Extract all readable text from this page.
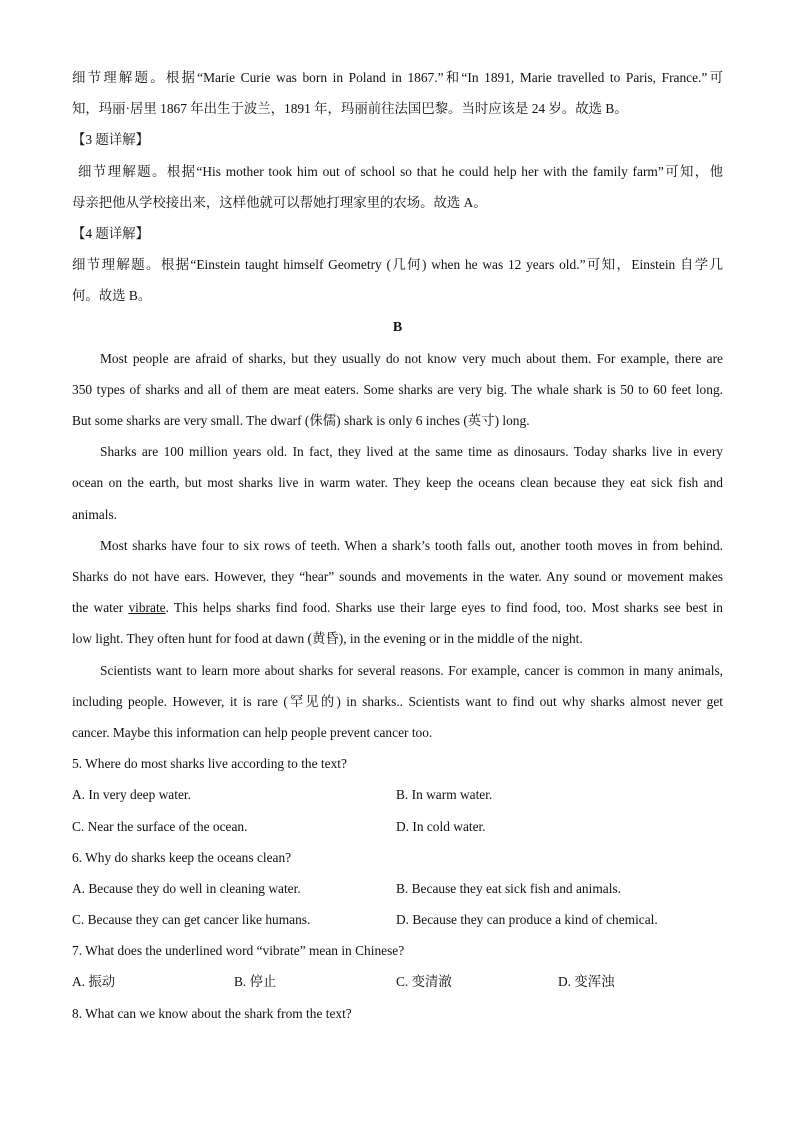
细节理解题。根据“Marie Curie was born in Poland in 1867.”和“In 1891, Marie travelled to Paris, France.”可
知，玛丽·居里 1867 年出生于波兰，1891 年，玛丽前往法国巴黎。当时应该是 24 岁。故选 B。
【3 题详解】
细节理解题。根据“His mother took him out of school so that he could help her with the family farm”可知，他
母亲把他从学校接出来，这样他就可以帮她打理家里的农场。故选 A。
【4 题详解】
细节理解题。根据“Einstein taught himself Geometry (几何) when he was 12 years old.”可知，Einstein 自学几
何。故选 B。
B
Most people are afraid of sharks, but they usually do not know very much about them. For example, there are
350 types of sharks and all of them are meat eaters. Some sharks are very big. The whale shark is 50 to 60 feet long.
But some sharks are very small. The dwarf (侏儒) shark is only 6 inches (英寸) long.
Sharks are 100 million years old. In fact, they lived at the same time as dinosaurs. Today sharks live in every
ocean on the earth, but most sharks live in warm water. They keep the oceans clean because they eat sick fish and
animals.
Most sharks have four to six rows of teeth. When a shark’s tooth falls out, another tooth moves in from behind.
Sharks do not have ears. However, they “hear” sounds and movements in the water. Any sound or movement makes
the water vibrate. This helps sharks find food. Sharks use their large eyes to find food, too. Most sharks see best in
low light. They often hunt for food at dawn (黄昏), in the evening or in the middle of the night.
Scientists want to learn more about sharks for several reasons. For example, cancer is common in many animals,
including people. However, it is rare (罕见的) in sharks.. Scientists want to find out why sharks almost never get
cancer. Maybe this information can help people prevent cancer too.
5. Where do most sharks live according to the text?
A. In very deep water.	B. In warm water.
C. Near the surface of the ocean.	D. In cold water.
6. Why do sharks keep the oceans clean?
A. Because they do well in cleaning water.	B. Because they eat sick fish and animals.
C. Because they can get cancer like humans.	D. Because they can produce a kind of chemical.
7. What does the underlined word “vibrate” mean in Chinese?
A. 振动	B. 停止	C. 变清澈	D. 变浑浊
8. What can we know about the shark from the text?
